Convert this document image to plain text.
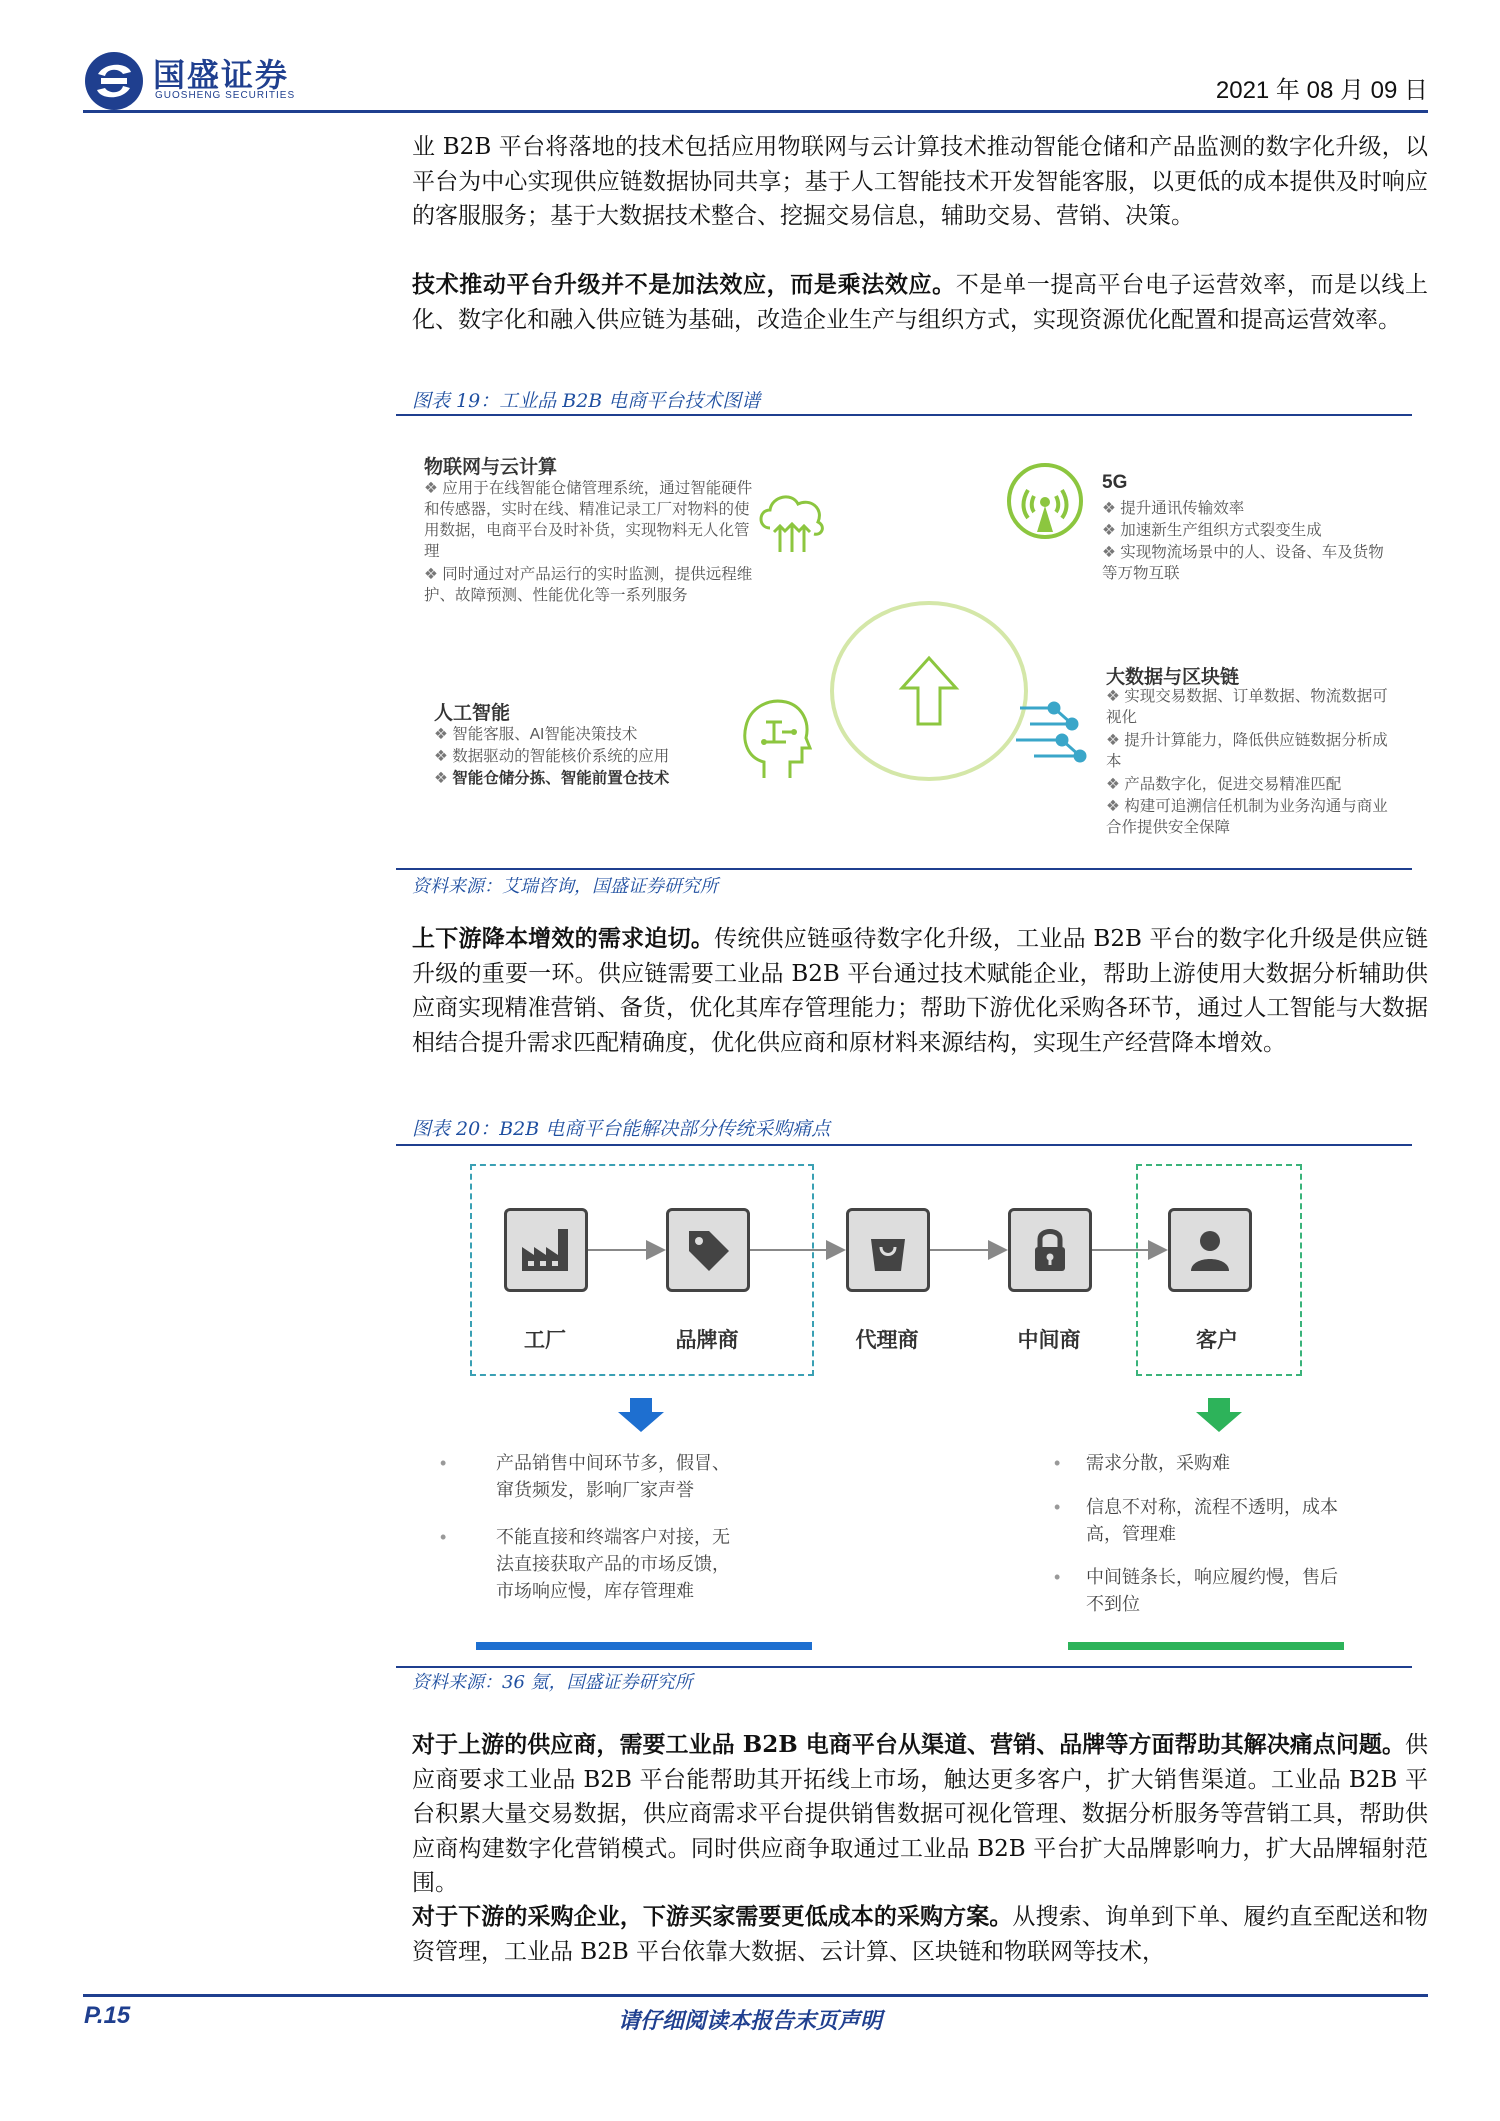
国盛证券
GUOSHENG SECURITIES	2021 年 08 月 09 日

业 B2B 平台将落地的技术包括应用物联网与云计算技术推动智能仓储和产品监测的数字化升级，以平台为中心实现供应链数据协同共享；基于人工智能技术开发智能客服，以更低的成本提供及时响应的客服服务；基于大数据技术整合、挖掘交易信息，辅助交易、营销、决策。

技术推动平台升级并不是加法效应，而是乘法效应。不是单一提高平台电子运营效率，而是以线上化、数字化和融入供应链为基础，改造企业生产与组织方式，实现资源优化配置和提高运营效率。

图表 19：工业品 B2B 电商平台技术图谱
物联网与云计算
❖ 应用于在线智能仓储管理系统，通过智能硬件和传感器，实时在线、精准记录工厂对物料的使用数据，电商平台及时补货，实现物料无人化管理
❖ 同时通过对产品运行的实时监测，提供远程维护、故障预测、性能优化等一系列服务
5G
❖ 提升通讯传输效率
❖ 加速新生产组织方式裂变生成
❖ 实现物流场景中的人、设备、车及货物等万物互联
人工智能
❖ 智能客服、AI智能决策技术
❖ 数据驱动的智能核价系统的应用
❖ 智能仓储分拣、智能前置仓技术
大数据与区块链
❖ 实现交易数据、订单数据、物流数据可视化
❖ 提升计算能力，降低供应链数据分析成本
❖ 产品数字化，促进交易精准匹配
❖ 构建可追溯信任机制为业务沟通与商业合作提供安全保障
资料来源：艾瑞咨询，国盛证券研究所

上下游降本增效的需求迫切。传统供应链亟待数字化升级，工业品 B2B 平台的数字化升级是供应链升级的重要一环。供应链需要工业品 B2B 平台通过技术赋能企业，帮助上游使用大数据分析辅助供应商实现精准营销、备货，优化其库存管理能力；帮助下游优化采购各环节，通过人工智能与大数据相结合提升需求匹配精确度，优化供应商和原材料来源结构，实现生产经营降本增效。

图表 20：B2B 电商平台能解决部分传统采购痛点
工厂	品牌商	代理商	中间商	客户
•	产品销售中间环节多，假冒、窜货频发，影响厂家声誉
•	不能直接和终端客户对接，无法直接获取产品的市场反馈，市场响应慢，库存管理难
• 需求分散，采购难
• 信息不对称，流程不透明，成本高，管理难
• 中间链条长，响应履约慢，售后不到位
资料来源：36 氪，国盛证券研究所

对于上游的供应商，需要工业品 B2B 电商平台从渠道、营销、品牌等方面帮助其解决痛点问题。供应商要求工业品 B2B 平台能帮助其开拓线上市场，触达更多客户，扩大销售渠道。工业品 B2B 平台积累大量交易数据，供应商需求平台提供销售数据可视化管理、数据分析服务等营销工具，帮助供应商构建数字化营销模式。同时供应商争取通过工业品 B2B 平台扩大品牌影响力，扩大品牌辐射范围。

对于下游的采购企业，下游买家需要更低成本的采购方案。从搜索、询单到下单、履约直至配送和物资管理，工业品 B2B 平台依靠大数据、云计算、区块链和物联网等技术，

P.15	请仔细阅读本报告末页声明
